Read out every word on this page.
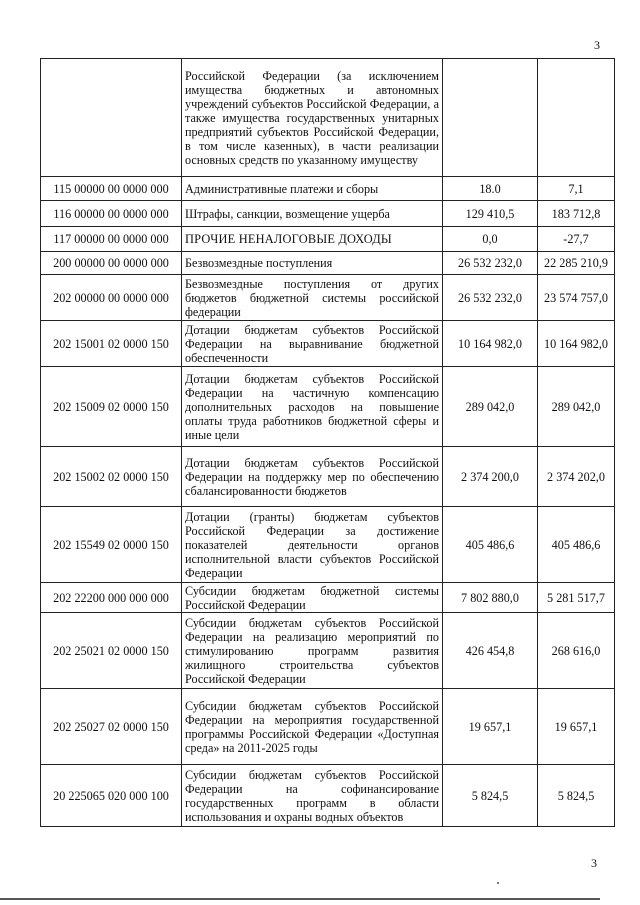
3
	Российской Федерации (за исключением имущества бюджетных и автономных учреждений субъектов Российской Федерации, а также имущества государственных унитарных предприятий субъектов Российской Федерации, в том числе казенных), в части реализации основных средств по указанному имуществу		
115 00000 00 0000 000	Административные платежи и сборы	18.0	7,1
116 00000 00 0000 000	Штрафы, санкции, возмещение ущерба	129 410,5	183 712,8
117 00000 00 0000 000	ПРОЧИЕ НЕНАЛОГОВЫЕ ДОХОДЫ	0,0	-27,7
200 00000 00 0000 000	Безвозмездные поступления	26 532 232,0	22 285 210,9
202 00000 00 0000 000	Безвозмездные поступления от других бюджетов бюджетной системы российской федерации	26 532 232,0	23 574 757,0
202 15001 02 0000 150	Дотации бюджетам субъектов Российской Федерации на выравнивание бюджетной обеспеченности	10 164 982,0	10 164 982,0
202 15009 02 0000 150	Дотации бюджетам субъектов Российской Федерации на частичную компенсацию дополнительных расходов на повышение оплаты труда работников бюджетной сферы и иные цели	289 042,0	289 042,0
202 15002 02 0000 150	Дотации бюджетам субъектов Российской Федерации на поддержку мер по обеспечению сбалансированности бюджетов	2 374 200,0	2 374 202,0
202 15549 02 0000 150	Дотации (гранты) бюджетам субъектов Российской Федерации за достижение показателей деятельности органов исполнительной власти субъектов Российской Федерации	405 486,6	405 486,6
202 22200 000 000 000	Субсидии бюджетам бюджетной системы Российской Федерации	7 802 880,0	5 281 517,7
202 25021 02 0000 150	Субсидии бюджетам субъектов Российской Федерации на реализацию мероприятий по стимулированию программ развития жилищного строительства субъектов Российской Федерации	426 454,8	268 616,0
202 25027 02 0000 150	Субсидии бюджетам субъектов Российской Федерации на мероприятия государственной программы Российской Федерации «Доступная среда» на 2011-2025 годы	19 657,1	19 657,1
20 225065 020 000 100	Субсидии бюджетам субъектов Российской Федерации на софинансирование государственных программ в области использования и охраны водных объектов	5 824,5	5 824,5
3
